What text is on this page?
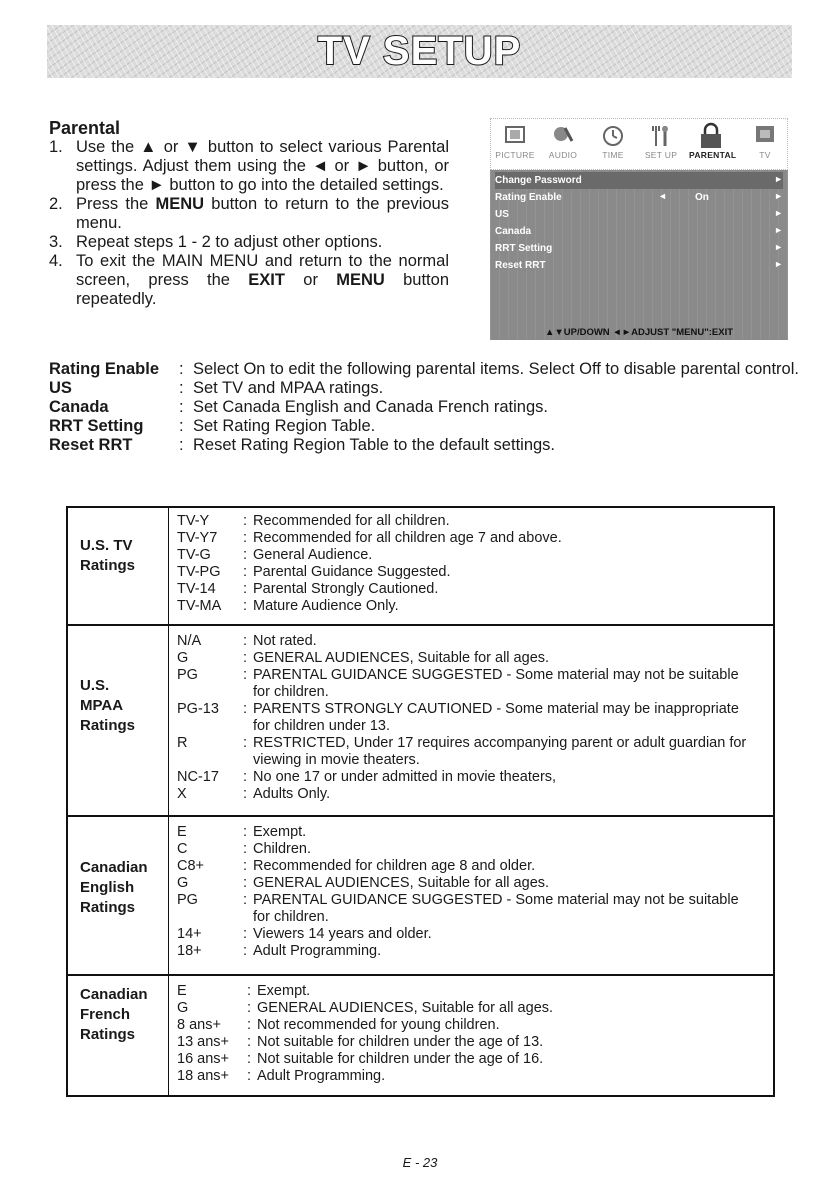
TV SETUP
Parental
1. Use the ▲ or ▼ button to select various Parental settings. Adjust them using the ◄ or ► button, or press the ► button to go into the detailed settings.
2. Press the MENU button to return to the previous menu.
3. Repeat steps 1 - 2 to adjust other options.
4. To exit the MAIN MENU and return to the normal screen, press the EXIT or MENU button repeatedly.
PICTURE	AUDIO	TIME	SET UP	PARENTAL	TV
Change Password	►
Rating Enable	◄	On	►
US	►
Canada	►
RRT Setting	►
Reset RRT	►
▲▼UP/DOWN ◄►ADJUST "MENU":EXIT
Rating Enable	: Select On to edit the following parental items. Select Off to disable parental control.
US	: Set TV and MPAA ratings.
Canada	: Set Canada English and Canada French ratings.
RRT Setting	: Set Rating Region Table.
Reset RRT	: Reset Rating Region Table to the default settings.
U.S. TV
Ratings
TV-Y	: Recommended for all children.
TV-Y7	: Recommended for all children age 7 and above.
TV-G	: General Audience.
TV-PG	: Parental Guidance Suggested.
TV-14	: Parental Strongly Cautioned.
TV-MA	: Mature Audience Only.
U.S.
MPAA
Ratings
N/A	: Not rated.
G	: GENERAL AUDIENCES, Suitable for all ages.
PG	: PARENTAL GUIDANCE SUGGESTED - Some material may not be suitable for children.
PG-13	: PARENTS STRONGLY CAUTIONED - Some material may be inappropriate for children under 13.
R	: RESTRICTED, Under 17 requires accompanying parent or adult guardian for viewing in movie theaters.
NC-17	: No one 17 or under admitted in movie theaters,
X	: Adults Only.
Canadian
English
Ratings
E	: Exempt.
C	: Children.
C8+	: Recommended for children age 8 and older.
G	: GENERAL AUDIENCES, Suitable for all ages.
PG	: PARENTAL GUIDANCE SUGGESTED - Some material may not be suitable for children.
14+	: Viewers 14 years and older.
18+	: Adult Programming.
Canadian
French
Ratings
E	: Exempt.
G	: GENERAL AUDIENCES, Suitable for all ages.
8 ans+	: Not recommended for young children.
13 ans+	: Not suitable for children under the age of 13.
16 ans+	: Not suitable for children under the age of 16.
18 ans+	: Adult Programming.
E - 23
